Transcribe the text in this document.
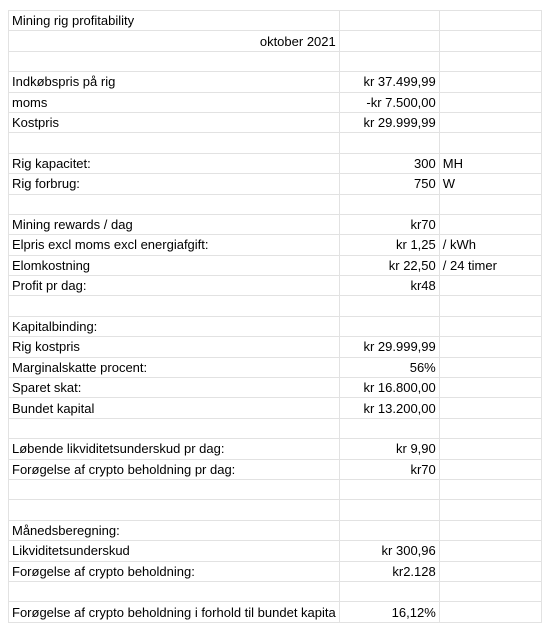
Mining rig profitability		
oktober 2021		

Indkøbspris på rig	kr 37.499,99	
moms	-kr 7.500,00	
Kostpris	kr 29.999,99	

Rig kapacitet:	300	MH
Rig forbrug:	750	W

Mining rewards / dag	kr70	
Elpris excl moms excl energiafgift:	kr 1,25	/ kWh
Elomkostning	kr 22,50	/ 24 timer
Profit pr dag:	kr48	

Kapitalbinding:		
Rig kostpris	kr 29.999,99	
Marginalskatte procent:	56%	
Sparet skat:	kr 16.800,00	
Bundet kapital	kr 13.200,00	

Løbende likviditetsunderskud pr dag:	kr 9,90	
Forøgelse af crypto beholdning pr dag:	kr70	

Månedsberegning:		
Likviditetsunderskud	kr 300,96	
Forøgelse af crypto beholdning:	kr2.128	

Forøgelse af crypto beholdning i forhold til bundet kapita	16,12%	
